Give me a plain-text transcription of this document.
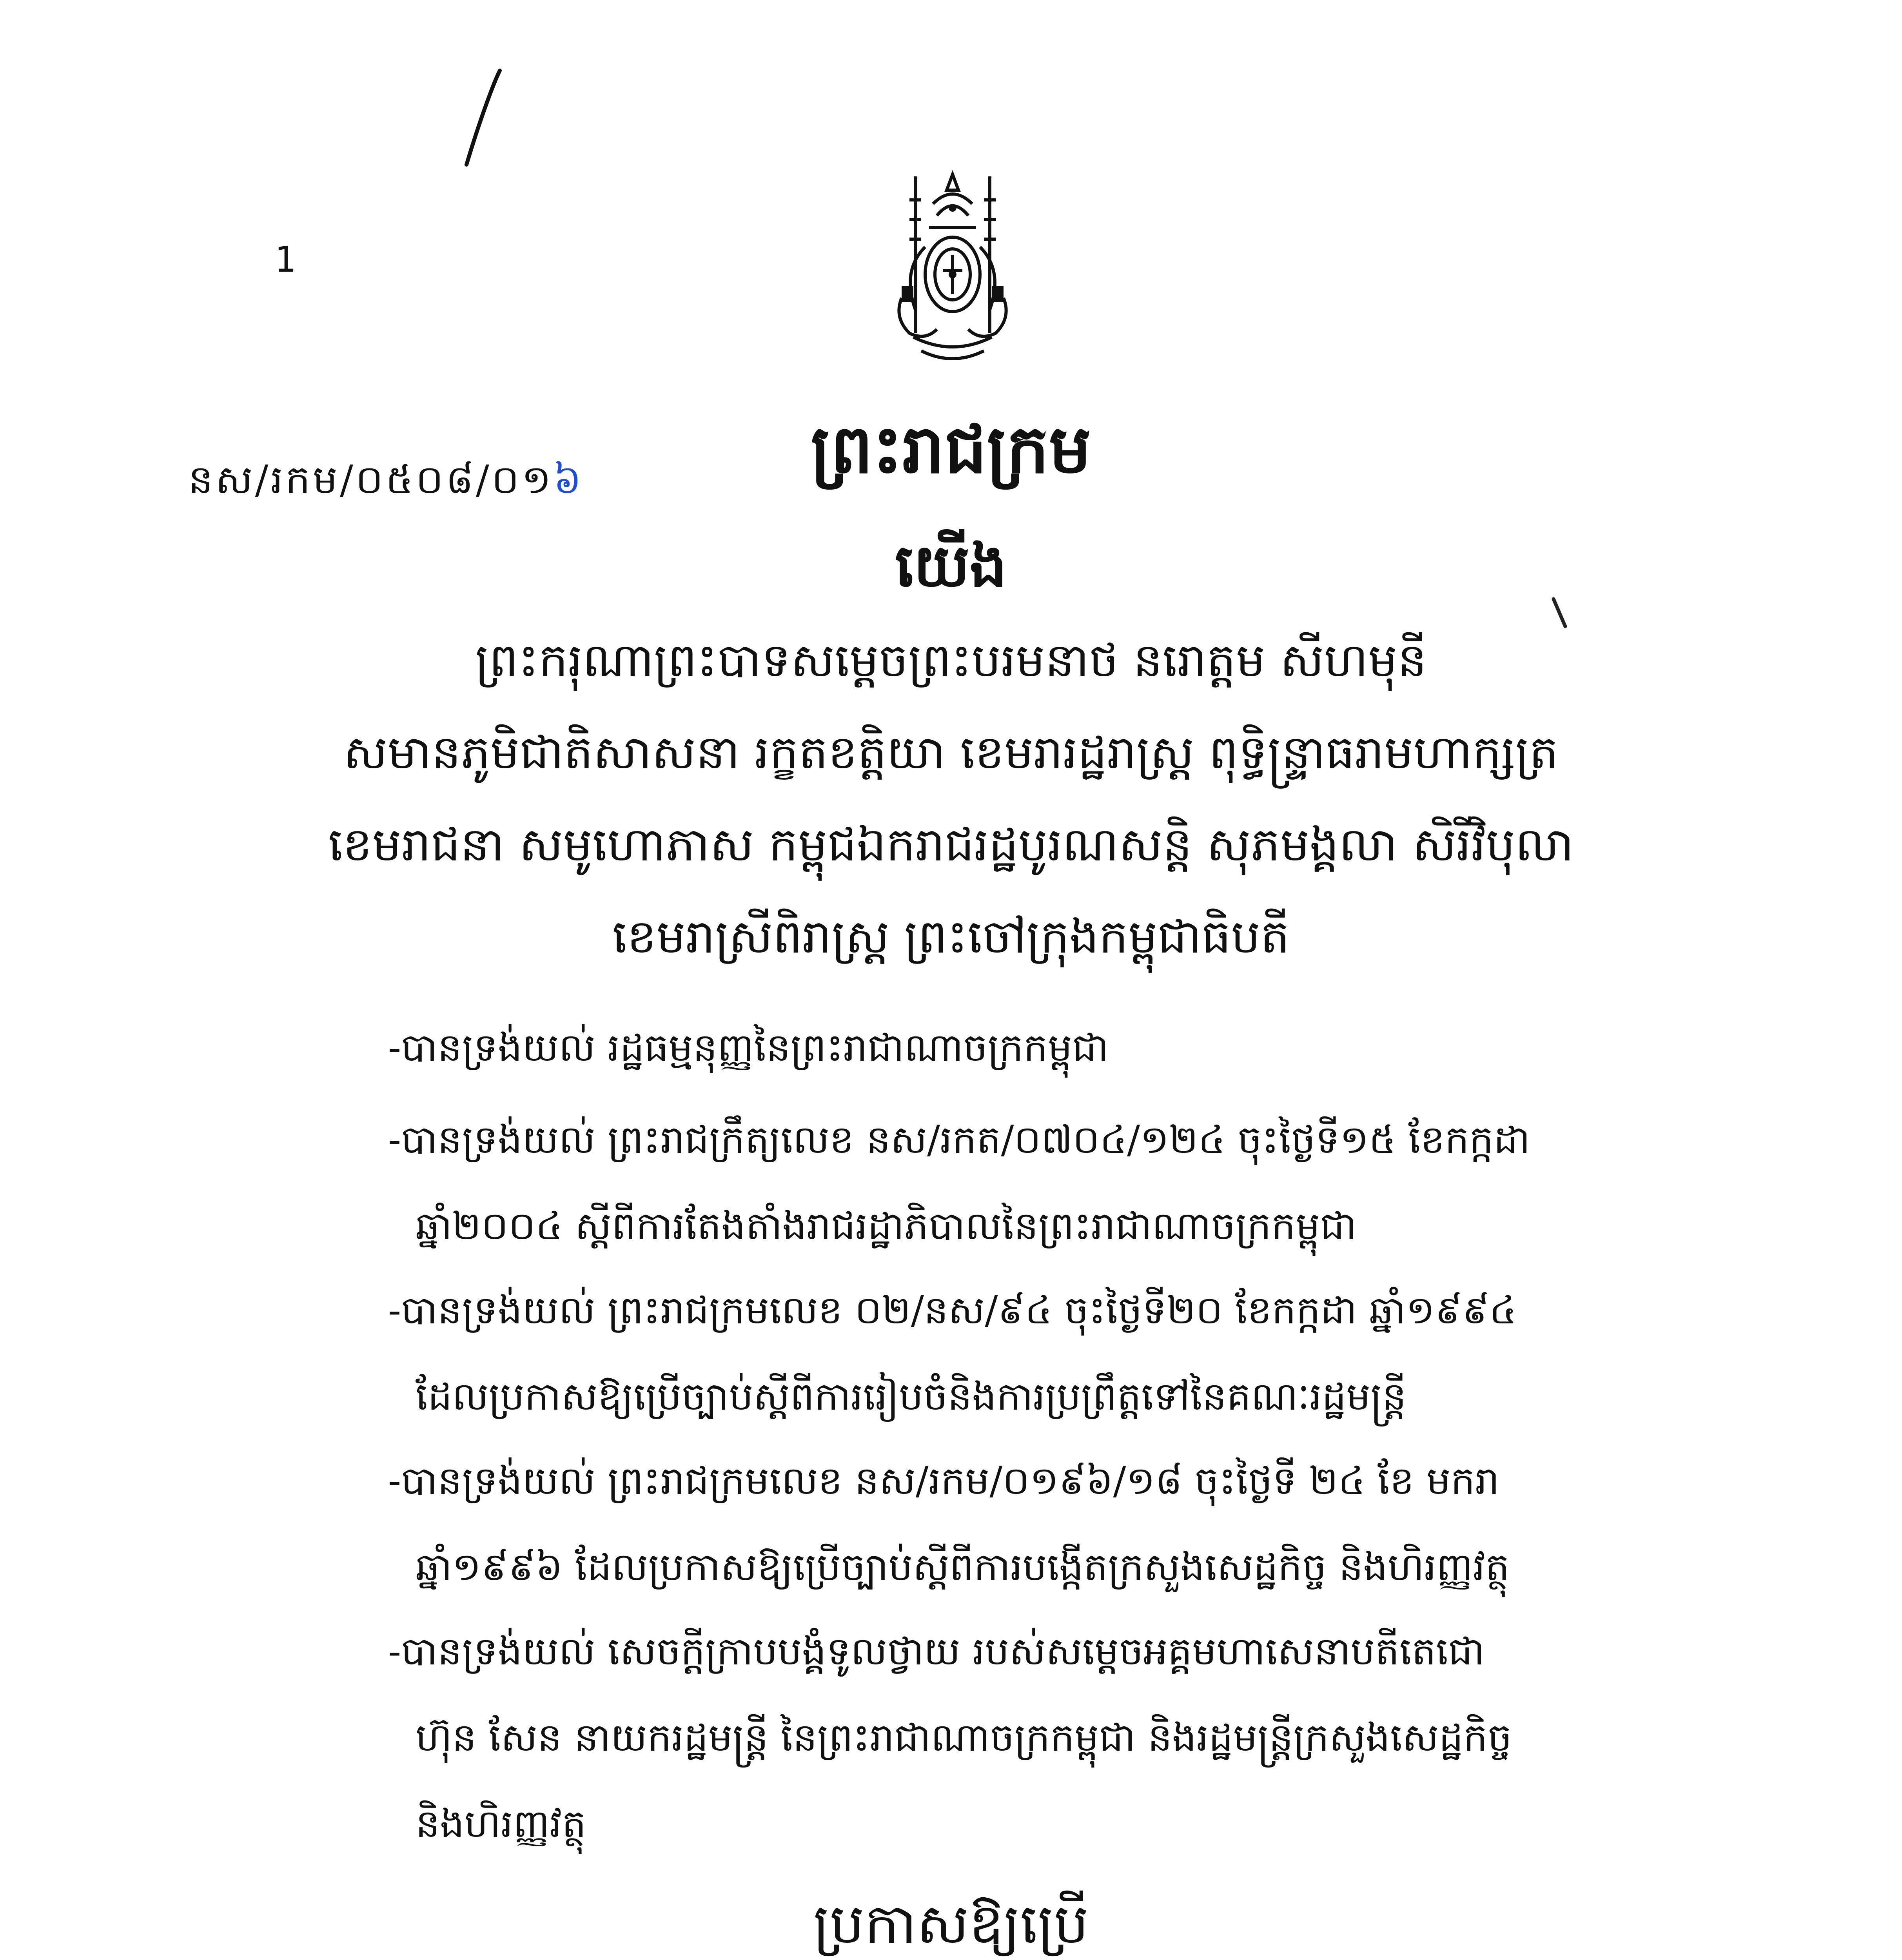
1
នស/រកម/០៥០៨/០១៦	ព្រះរាជក្រម
យើង
ព្រះករុណាព្រះបាទសម្តេចព្រះបរមនាថ នរោត្តម សីហមុនី
សមានភូមិជាតិសាសនា រក្ខតខត្តិយា ខេមរារដ្ឋរាស្ត្រ ពុទ្ធិន្ទ្រាធរាមហាក្សត្រ
ខេមរាជនា សមូហោភាស កម្ពុជឯករាជរដ្ឋបូរណសន្តិ សុភមង្គលា សិរីវិបុលា
ខេមរាស្រីពិរាស្ត្រ ព្រះចៅក្រុងកម្ពុជាធិបតី
-បានទ្រង់យល់ រដ្ឋធម្មនុញ្ញនៃព្រះរាជាណាចក្រកម្ពុជា
-បានទ្រង់យល់ ព្រះរាជក្រឹត្យលេខ នស/រកត/០៧០៤/១២៤ ចុះថ្ងៃទី១៥ ខែកក្កដា
ឆ្នាំ២០០៤ ស្តីពីការតែងតាំងរាជរដ្ឋាភិបាលនៃព្រះរាជាណាចក្រកម្ពុជា
-បានទ្រង់យល់ ព្រះរាជក្រមលេខ ០២/នស/៩៤ ចុះថ្ងៃទី២០ ខែកក្កដា ឆ្នាំ១៩៩៤
ដែលប្រកាសឱ្យប្រើច្បាប់ស្តីពីការរៀបចំនិងការប្រព្រឹត្តទៅនៃគណៈរដ្ឋមន្ត្រី
-បានទ្រង់យល់ ព្រះរាជក្រមលេខ នស/រកម/០១៩៦/១៨ ចុះថ្ងៃទី ២៤ ខែ មករា
ឆ្នាំ១៩៩៦ ដែលប្រកាសឱ្យប្រើច្បាប់ស្តីពីការបង្កើតក្រសួងសេដ្ឋកិច្ច និងហិរញ្ញវត្ថុ
-បានទ្រង់យល់ សេចក្តីក្រាបបង្គំទូលថ្វាយ របស់សម្តេចអគ្គមហាសេនាបតីតេជោ
ហ៊ុន សែន នាយករដ្ឋមន្ត្រី នៃព្រះរាជាណាចក្រកម្ពុជា និងរដ្ឋមន្ត្រីក្រសួងសេដ្ឋកិច្ច
និងហិរញ្ញវត្ថុ
ប្រកាសឱ្យប្រើ
